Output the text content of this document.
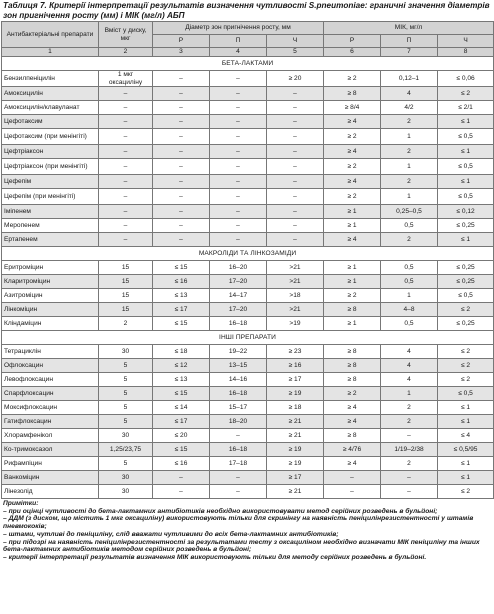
Таблиця 7. Критерії інтерпретації результатів визначення чутливості S.pneumoniae: граничні значення діаметрів зон пригнічення росту (мм) і МІК (мг/л) АБП
Антибактеріальні препарати	Вміст у диску, мкг	Діаметр зон пригнічення росту, мм			МІК, мг/л		
		Р	П	Ч	Р	П	Ч
1	2	3	4	5	6	7	8
БЕТА-ЛАКТАМИ							
Бензилпеніцилін	1 мкг оксациліну	–	–	≥ 20	≥ 2	0,12–1	≤ 0,06
Амоксицилін	–	–	–	–	≥ 8	4	≤ 2
Амоксицилін/клавуланат	–	–	–	–	≥ 8/4	4/2	≤ 2/1
Цефотаксим	–	–	–	–	≥ 4	2	≤ 1
Цефотаксим (при менінгіті)	–	–	–	–	≥ 2	1	≤ 0,5
Цефтріаксон	–	–	–	–	≥ 4	2	≤ 1
Цефтріаксон (при менінгіті)	–	–	–	–	≥ 2	1	≤ 0,5
Цефепім	–	–	–	–	≥ 4	2	≤ 1
Цефепім (при менінгіті)	–	–	–	–	≥ 2	1	≤ 0,5
Іміпенем	–	–	–	–	≥ 1	0,25–0,5	≤ 0,12
Меропенем	–	–	–	–	≥ 1	0,5	≤ 0,25
Ертапенем	–	–	–	–	≥ 4	2	≤ 1
МАКРОЛІДИ ТА ЛІНКОЗАМІДИ							
Еритроміцин	15	≤ 15	16–20	>21	≥ 1	0,5	≤ 0,25
Кларитроміцин	15	≤ 16	17–20	>21	≥ 1	0,5	≤ 0,25
Азитроміцин	15	≤ 13	14–17	>18	≥ 2	1	≤ 0,5
Лінкоміцин	15	≤ 17	17–20	>21	≥ 8	4–8	≤ 2
Кліндаміцин	2	≤ 15	16–18	>19	≥ 1	0,5	≤ 0,25
ІНШІ ПРЕПАРАТИ							
Тетрациклін	30	≤ 18	19–22	≥ 23	≥ 8	4	≤ 2
Офлоксацин	5	≤ 12	13–15	≥ 16	≥ 8	4	≤ 2
Левофлоксацин	5	≤ 13	14–16	≥ 17	≥ 8	4	≤ 2
Спарфлоксацин	5	≤ 15	16–18	≥ 19	≥ 2	1	≤ 0,5
Моксифлоксацин	5	≤ 14	15–17	≥ 18	≥ 4	2	≤ 1
Гатифлоксацин	5	≤ 17	18–20	≥ 21	≥ 4	2	≤ 1
Хлорамфенікол	30	≤ 20	–	≥ 21	≥ 8	–	≤ 4
Ко-тримоксазол	1,25/23,75	≤ 15	16–18	≥ 19	≥ 4/76	1/19–2/38	≤ 0,5/95
Рифампіцин	5	≤ 16	17–18	≥ 19	≥ 4	2	≤ 1
Ванкоміцин	30	–	–	≥ 17	–	–	≤ 1
Лінезолід	30	–	–	≥ 21	–	–	≤ 2
Примітки:
– при оцінці чутливості до бета-лактамних антибіотиків необхідно використовувати метод серійних розведень в бульйоні;
– ДДМ (з диском, що містить 1 мкг оксациліну) використовують тільки для скринінгу на наявність пеніцилінрезистентності у штамів пневмококів;
– штами, чутливі до пеніциліну, слід вважати чутливими до всіх бета-лактамних антибіотиків;
– при підозрі на наявність пеніцилінрезистентності за результатами тесту з оксациліном необхідно визначати МІК пеніциліну та інших бета-лактамних антибіотиків методом серійних розведень в бульйоні;
– критерії інтерпретації результатів визначення МІК використовують тільки для методу серійних розведень в бульйоні.
